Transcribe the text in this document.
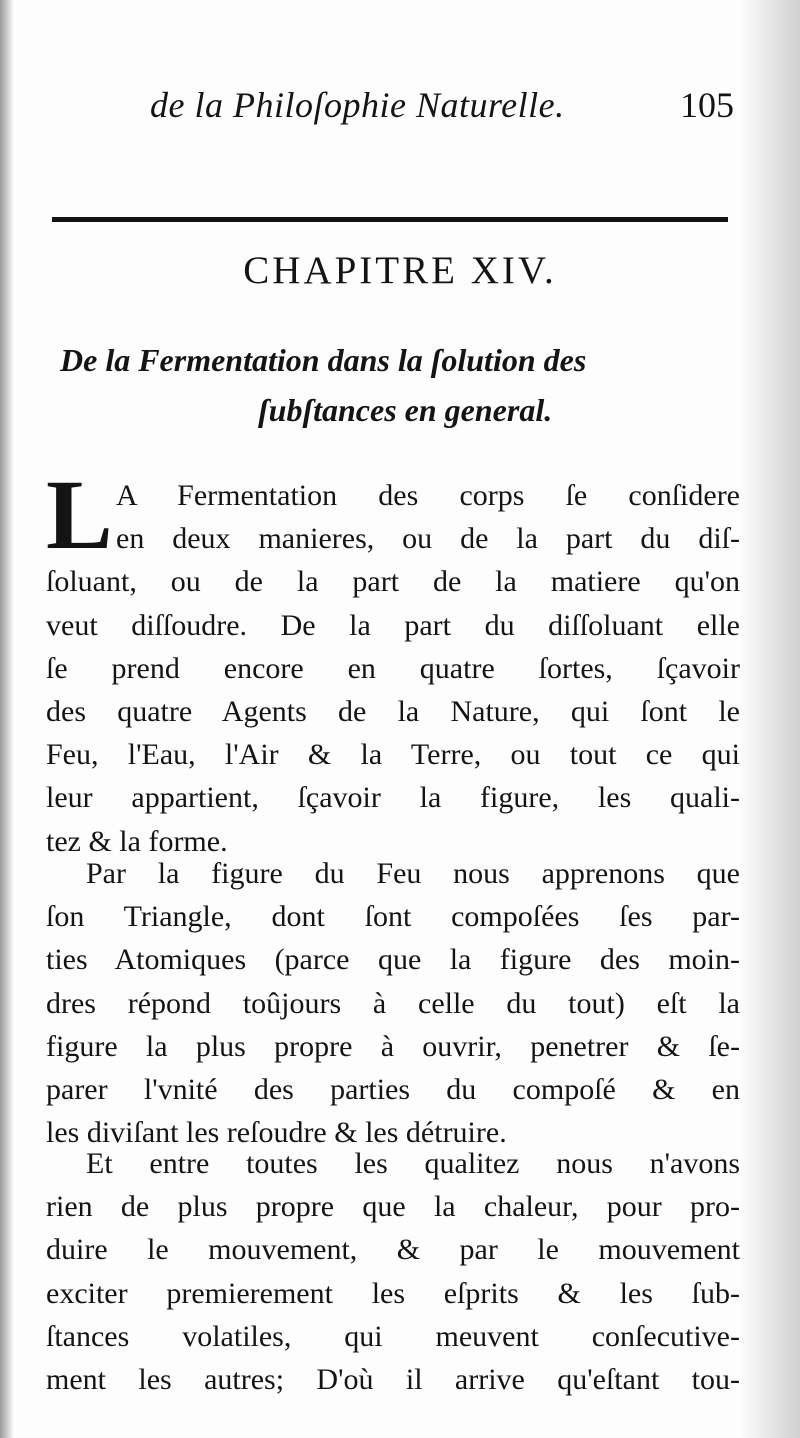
de la Philoſophie Naturelle.	105
CHAPITRE XIV.
De la Fermentation dans la ſolution des
ſubſtances en general.
L A Fermentation des corps ſe conſidere
en deux manieres, ou de la part du diſ-
ſoluant, ou de la part de la matiere qu'on
veut diſſoudre. De la part du diſſoluant elle
ſe prend encore en quatre ſortes, ſçavoir
des quatre Agents de la Nature, qui ſont le
Feu, l'Eau, l'Air & la Terre, ou tout ce qui
leur appartient, ſçavoir la figure, les quali-
tez & la forme.
Par la figure du Feu nous apprenons que
ſon Triangle, dont ſont compoſées ſes par-
ties Atomiques (parce que la figure des moin-
dres répond toûjours à celle du tout) eſt la
figure la plus propre à ouvrir, penetrer & ſe-
parer l'vnité des parties du compoſé & en
les diviſant les reſoudre & les détruire.
Et entre toutes les qualitez nous n'avons
rien de plus propre que la chaleur, pour pro-
duire le mouvement, & par le mouvement
exciter premierement les eſprits & les ſub-
ſtances volatiles, qui meuvent conſecutive-
ment les autres; D'où il arrive qu'eſtant tou-
